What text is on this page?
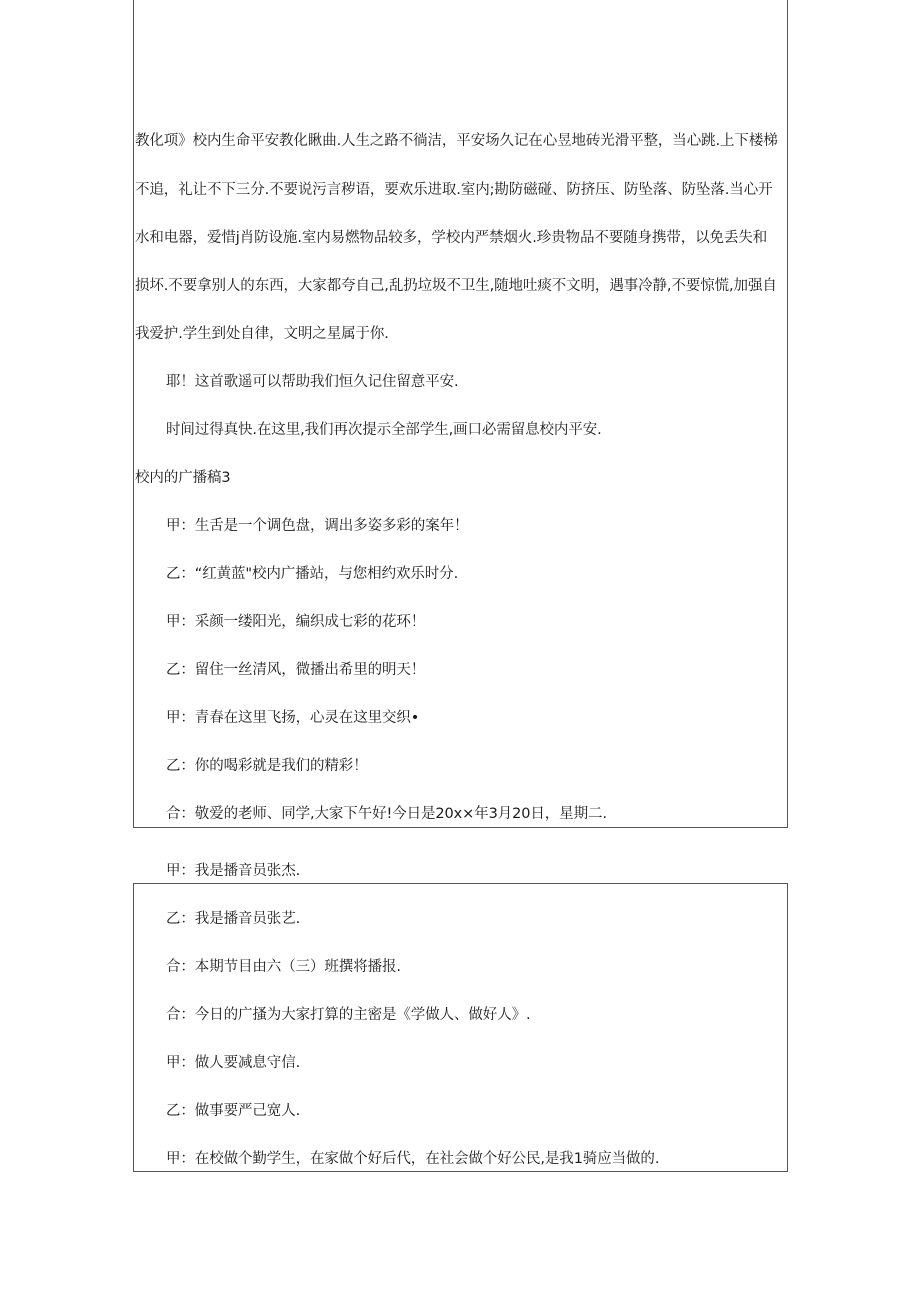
教化项》校内生命平安教化瞅曲.人生之路不徜洁，平安场久记在心昱地砖光滑平整，当心跳.上下楼梯
不追，礼让不下三分.不要说污言秽语，要欢乐进取.室内;勘防磁碰、防挤压、防坠落、防坠落.当心开
水和电器，爱惜j肖防设施.室内易燃物品较多，学校内严禁烟火.珍贵物品不要随身携带，以免丢失和
损坏.不要拿别人的东西，大家都夸自己,乱扔垃圾不卫生,随地吐痰不文明，遇事冷静,不要惊慌,加强自
我爱护.学生到处自律，文明之星属于你.
耶！这首歌遥可以帮助我们恒久记住留意平安.
时间过得真快.在这里,我们再次提示全部学生,画口必需留息校内平安.
校内的广播稿3
甲：生舌是一个调色盘，调出多姿多彩的案年！
乙：“红黄蓝"校内广播站，与您相约欢乐时分.
甲：采颜一缕阳光，编织成七彩的花环！
乙：留住一丝清风，微播出希里的明天！
甲：青春在这里飞扬，心灵在这里交织•
乙：你的喝彩就是我们的精彩！
合：敬爱的老师、同学,大家下午好!今日是20x×年3月20日，星期二.
甲：我是播音员张杰.
乙：我是播音员张艺.
合：本期节目由六（三）班撰将播报.
合：今日的广搔为大家打算的主密是《学做人、做好人》.
甲：做人要减息守信.
乙：做事要严己宽人.
甲：在校做个勤学生，在家做个好后代，在社会做个好公民,是我1骑应当做的.
